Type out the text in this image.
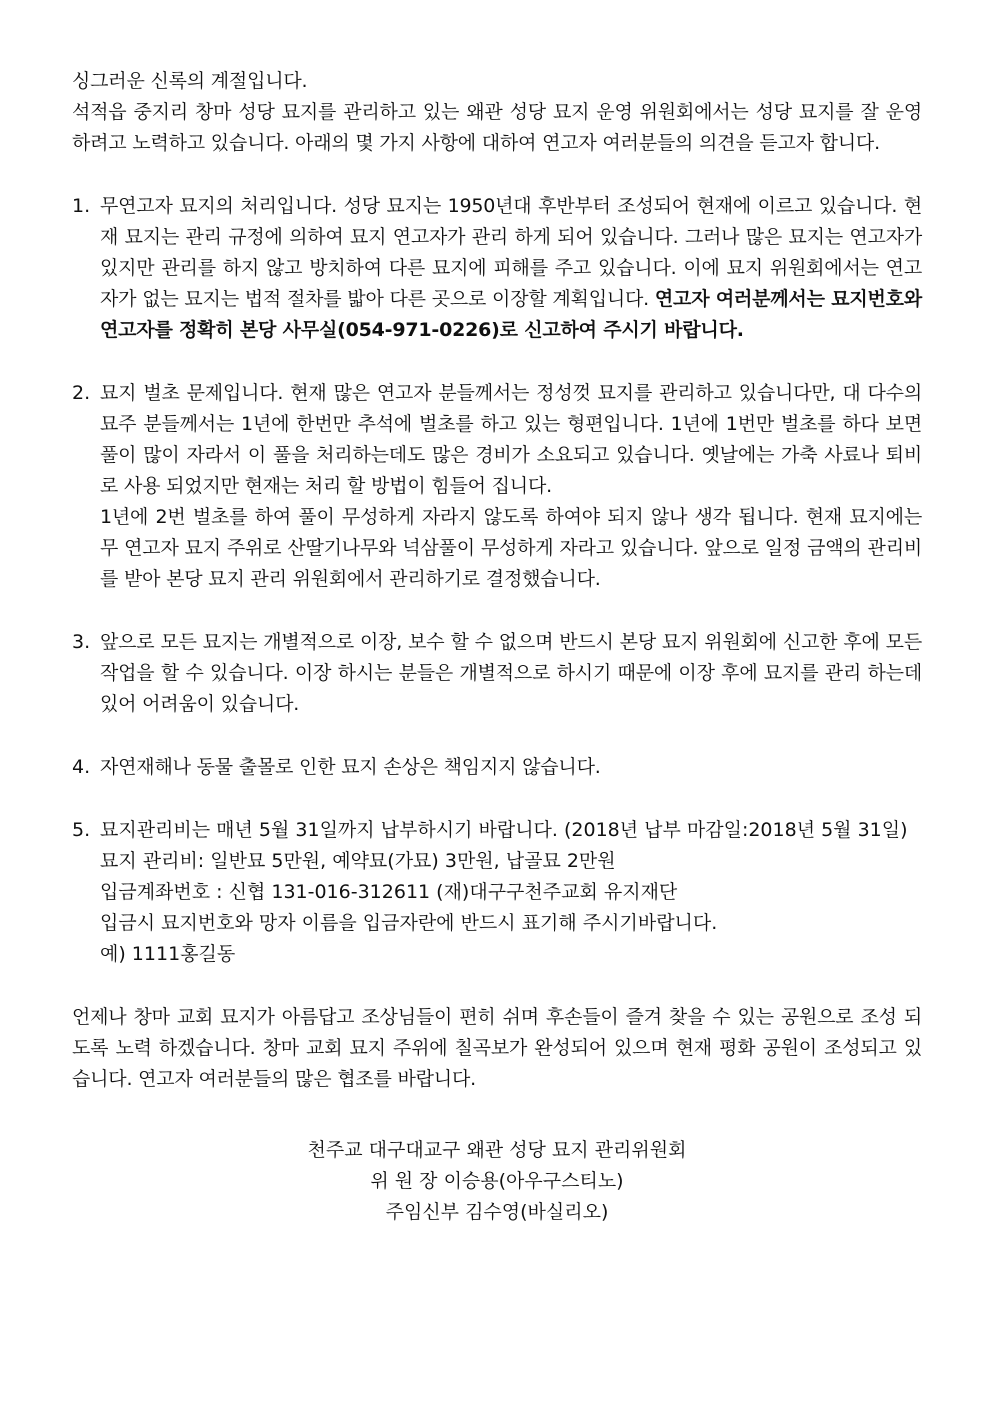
싱그러운 신록의 계절입니다.

석적읍 중지리 창마 성당 묘지를 관리하고 있는 왜관 성당 묘지 운영 위원회에서는 성당 묘지를 잘 운영하려고 노력하고 있습니다. 아래의 몇 가지 사항에 대하여 연고자 여러분들의 의견을 듣고자 합니다.

1. 무연고자 묘지의 처리입니다. 성당 묘지는 1950년대 후반부터 조성되어 현재에 이르고 있습니다. 현재 묘지는 관리 규정에 의하여 묘지 연고자가 관리 하게 되어 있습니다. 그러나 많은 묘지는 연고자가 있지만 관리를 하지 않고 방치하여 다른 묘지에 피해를 주고 있습니다. 이에 묘지 위원회에서는 연고자가 없는 묘지는 법적 절차를 밟아 다른 곳으로 이장할 계획입니다. 연고자 여러분께서는 묘지번호와 연고자를 정확히 본당 사무실(054-971-0226)로 신고하여 주시기 바랍니다.

2. 묘지 벌초 문제입니다. 현재 많은 연고자 분들께서는 정성껏 묘지를 관리하고 있습니다만, 대 다수의 묘주 분들께서는 1년에 한번만 추석에 벌초를 하고 있는 형편입니다. 1년에 1번만 벌초를 하다 보면 풀이 많이 자라서 이 풀을 처리하는데도 많은 경비가 소요되고 있습니다. 옛날에는 가축 사료나 퇴비로 사용 되었지만 현재는 처리 할 방법이 힘들어 집니다.

1년에 2번 벌초를 하여 풀이 무성하게 자라지 않도록 하여야 되지 않나 생각 됩니다. 현재 묘지에는 무 연고자 묘지 주위로 산딸기나무와 넉삼풀이 무성하게 자라고 있습니다. 앞으로 일정 금액의 관리비를 받아 본당 묘지 관리 위원회에서 관리하기로 결정했습니다.

3. 앞으로 모든 묘지는 개별적으로 이장, 보수 할 수 없으며 반드시 본당 묘지 위원회에 신고한 후에 모든 작업을 할 수 있습니다. 이장 하시는 분들은 개별적으로 하시기 때문에 이장 후에 묘지를 관리 하는데 있어 어려움이 있습니다.

4. 자연재해나 동물 출몰로 인한 묘지 손상은 책임지지 않습니다.

5. 묘지관리비는 매년 5월 31일까지 납부하시기 바랍니다. (2018년 납부 마감일:2018년 5월 31일)

묘지 관리비: 일반묘 5만원, 예약묘(가묘) 3만원, 납골묘 2만원

입금계좌번호 : 신협 131-016-312611 (재)대구구천주교회 유지재단

입금시 묘지번호와 망자 이름을 입금자란에 반드시 표기해 주시기바랍니다.

예) 1111홍길동

언제나 창마 교회 묘지가 아름답고 조상님들이 편히 쉬며 후손들이 즐겨 찾을 수 있는 공원으로 조성 되도록 노력 하겠습니다. 창마 교회 묘지 주위에 칠곡보가 완성되어 있으며 현재 평화 공원이 조성되고 있습니다. 연고자 여러분들의 많은 협조를 바랍니다.

천주교 대구대교구 왜관 성당 묘지 관리위원회

위 원 장 이승용(아우구스티노)

주임신부 김수영(바실리오)
